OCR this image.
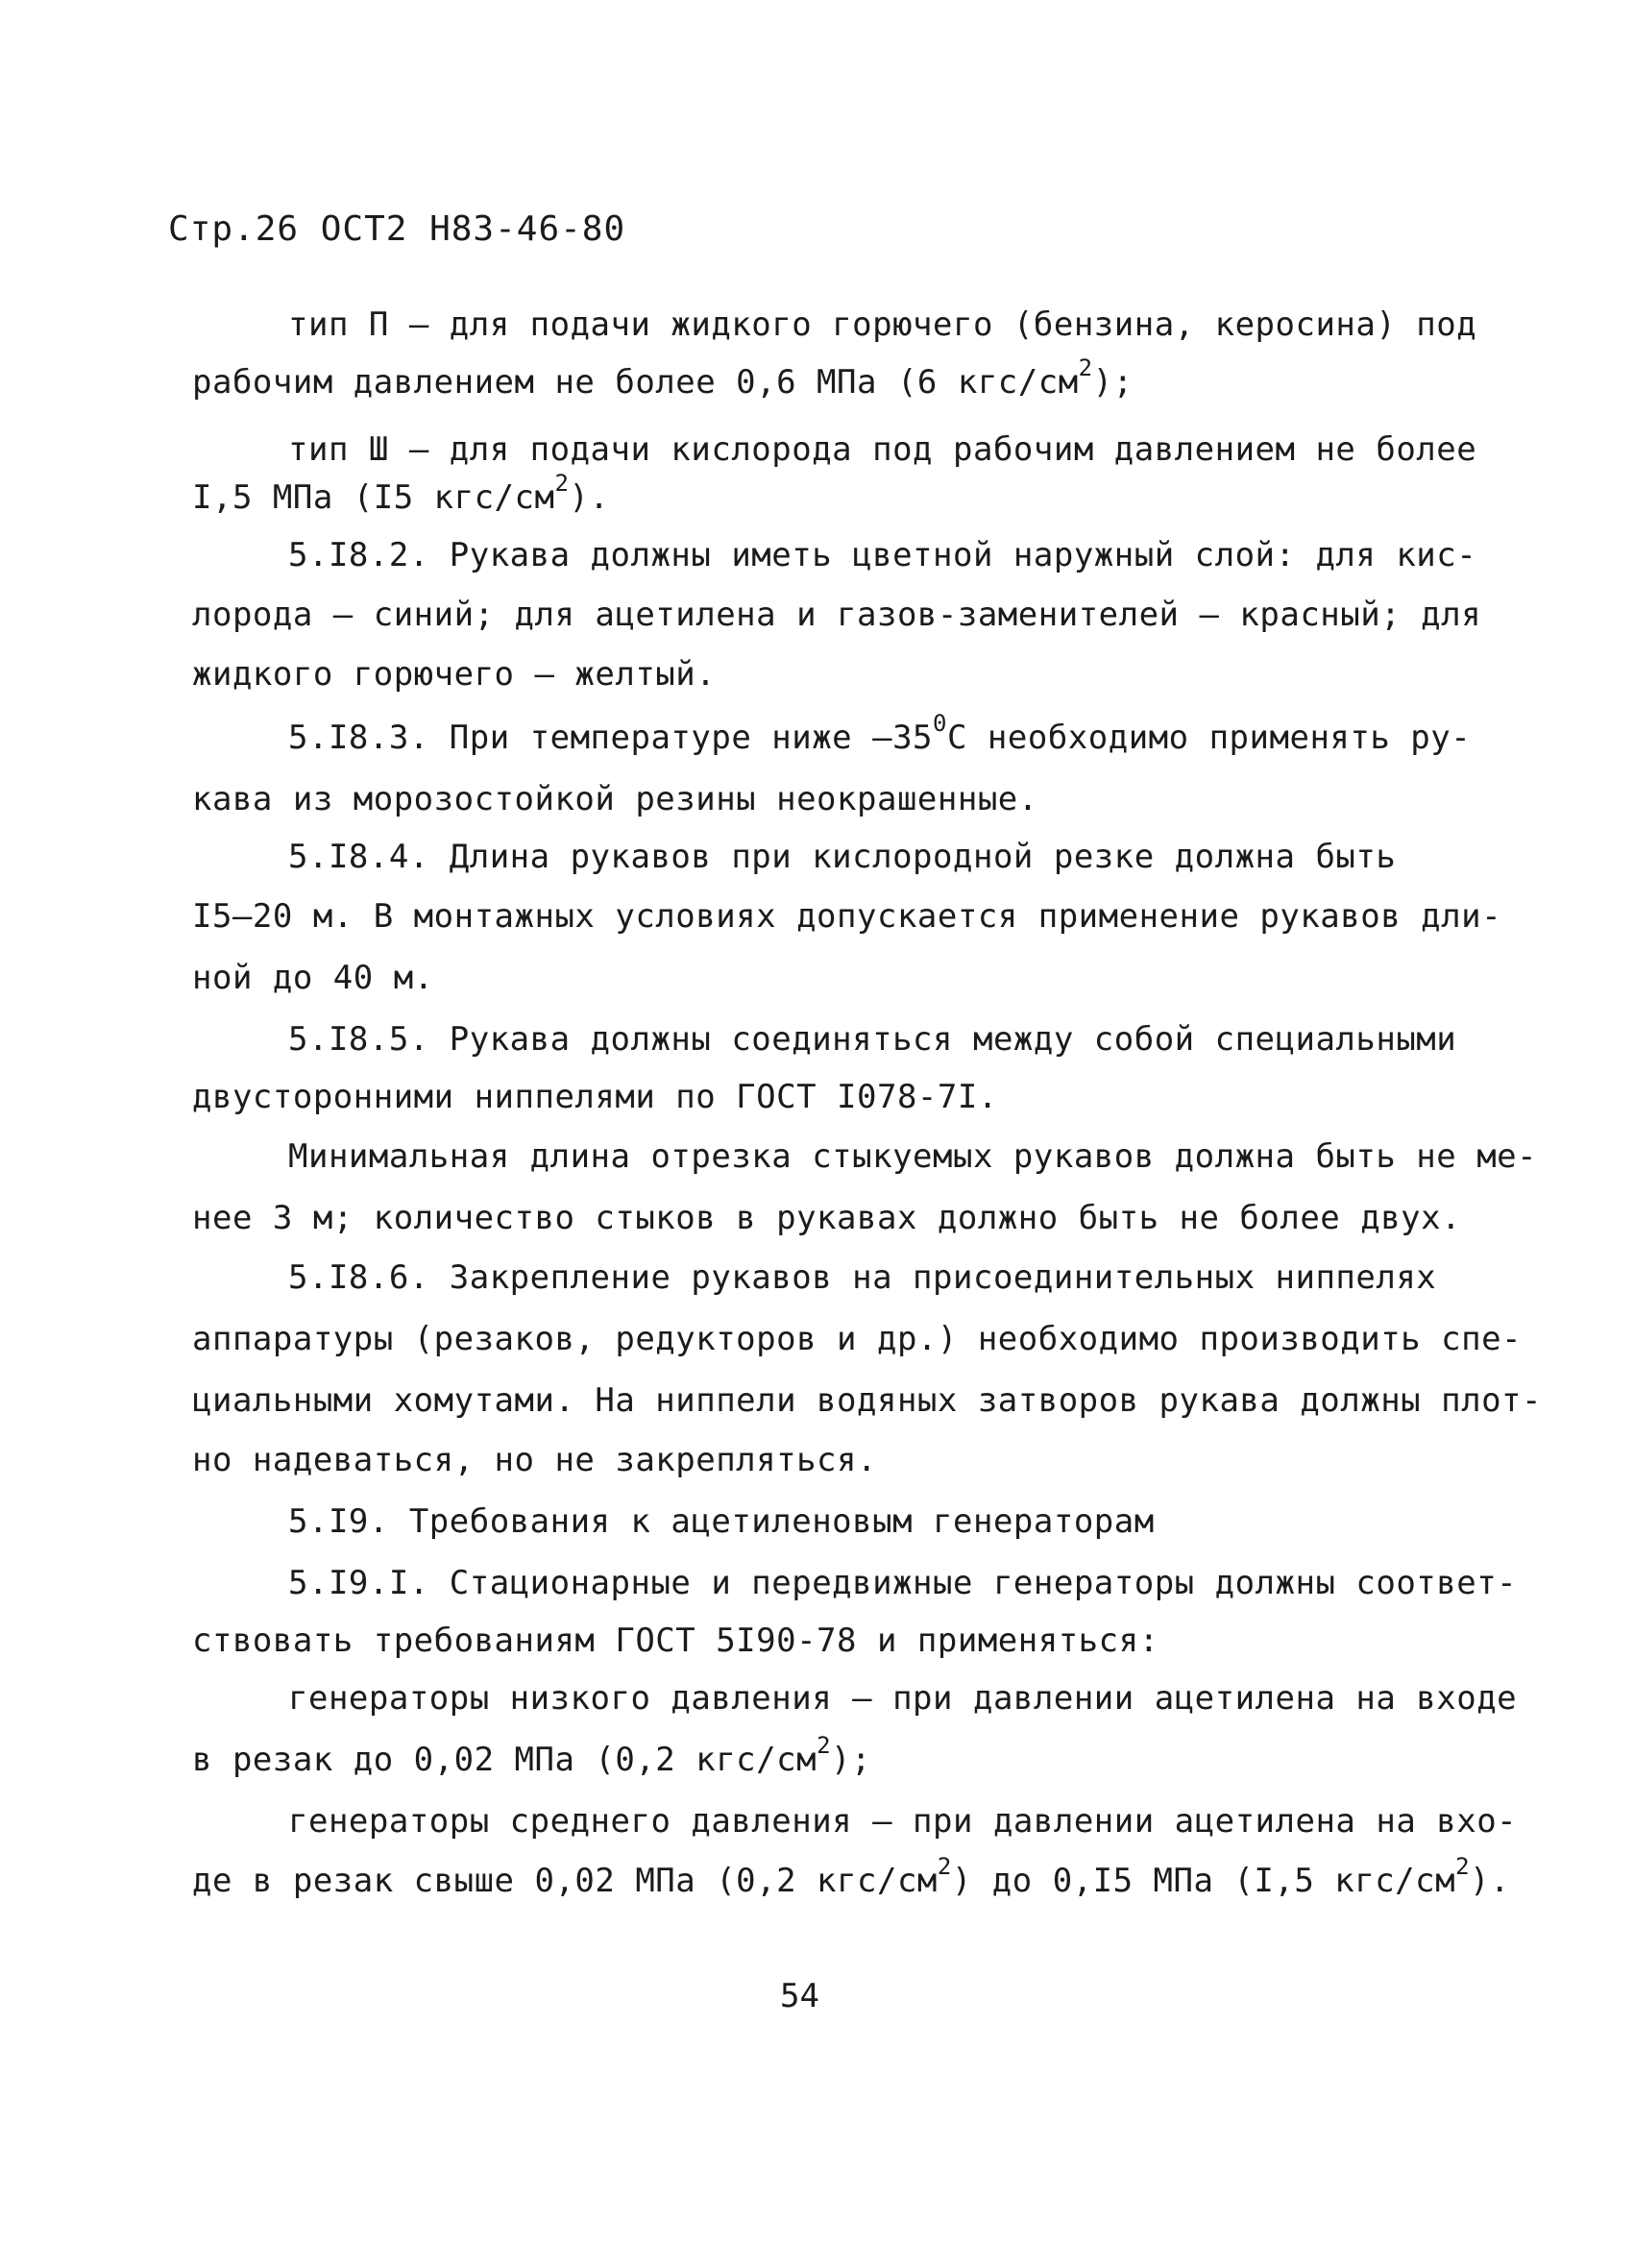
Стр.26 ОСТ2 Н83-46-80
тип П – для подачи жидкого горючего (бензина, керосина) под
рабочим давлением не более 0,6 МПа (6 кгс/$см^2$);
тип Ш – для подачи кислорода под рабочим давлением не более
I,5 МПа (I5 кгс/$см^2$).
5.I8.2. Рукава должны иметь цветной наружный слой: для кис-
лорода – синий; для ацетилена и газов-заменителей – красный; для
жидкого горючего – желтый.
5.I8.3. При температуре ниже $-35^0С$ необходимо применять ру-
кава из морозостойкой резины неокрашенные.
5.I8.4. Длина рукавов при кислородной резке должна быть
I5–20 м. В монтажных условиях допускается применение рукавов дли-
ной до 40 м.
5.I8.5. Рукава должны соединяться между собой специальными
двусторонними ниппелями по ГОСТ I078-7I.
Минимальная длина отрезка стыкуемых рукавов должна быть не ме-
нее 3 м; количество стыков в рукавах должно быть не более двух.
5.I8.6. Закрепление рукавов на присоединительных ниппелях
аппаратуры (резаков, редукторов и др.) необходимо производить спе-
циальными хомутами. На ниппели водяных затворов рукава должны плот-
но надеваться, но не закрепляться.
5.I9. Требования к ацетиленовым генераторам
5.I9.I. Стационарные и передвижные генераторы должны соответ-
ствовать требованиям ГОСТ 5I90-78 и применяться:
генераторы низкого давления – при давлении ацетилена на входе
в резак до 0,02 МПа (0,2 кгс/$см^2$);
генераторы среднего давления – при давлении ацетилена на вхо-
де в резак свыше 0,02 МПа (0,2 кгс/$см^2$) до 0,I5 МПа (I,5 кгс/$см^2$).
54
